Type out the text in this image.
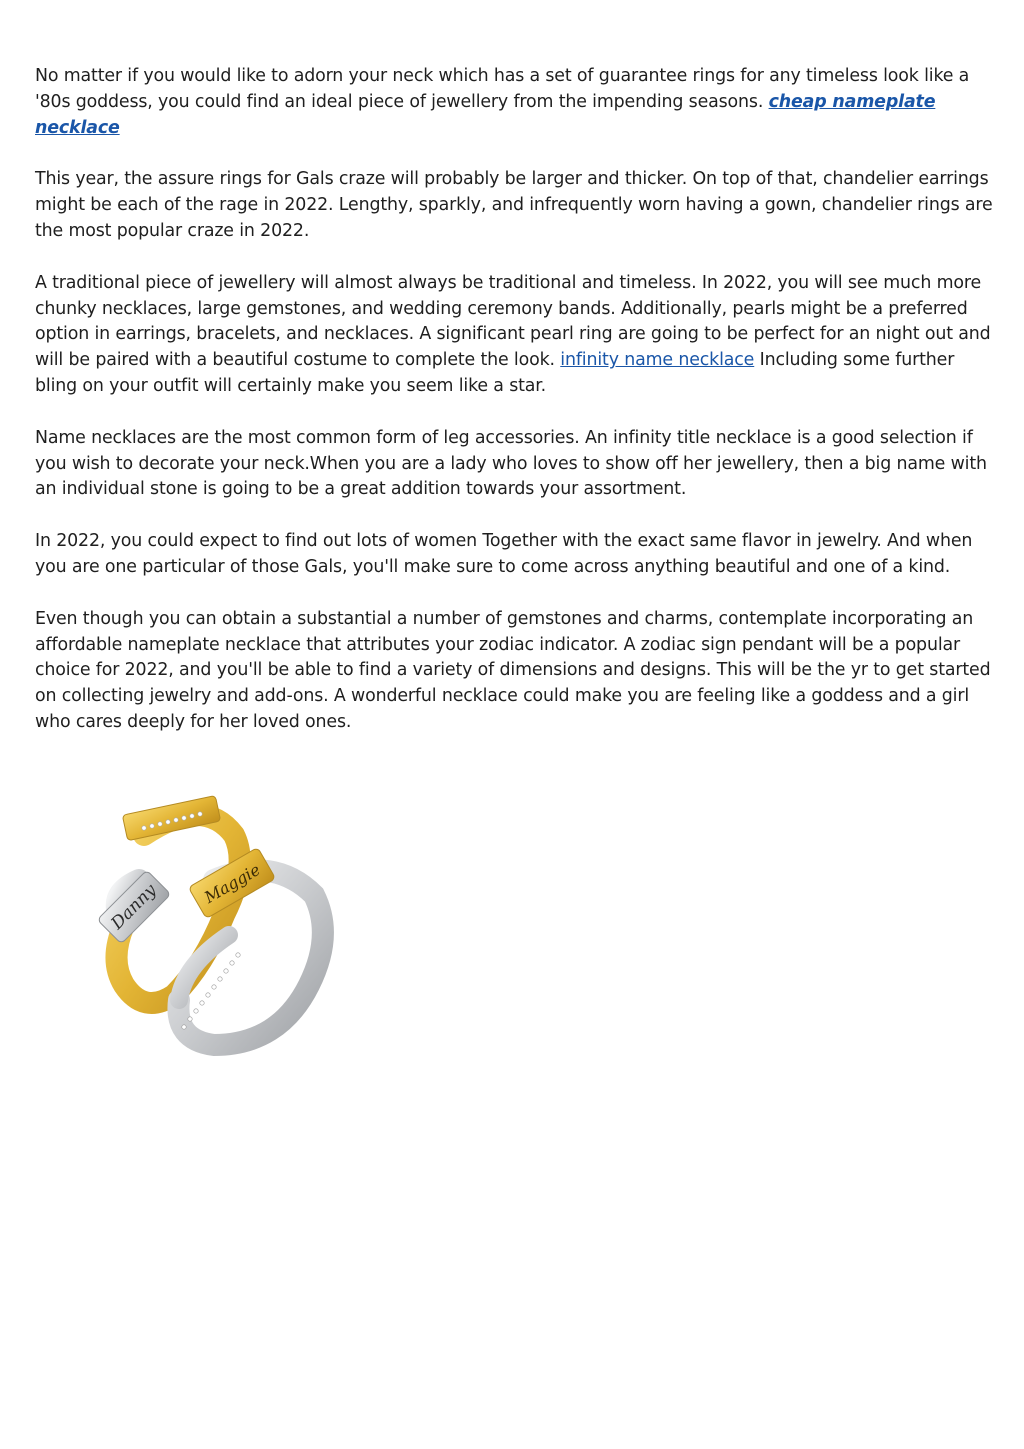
No matter if you would like to adorn your neck which has a set of guarantee rings for any timeless look like a '80s goddess, you could find an ideal piece of jewellery from the impending seasons. cheap nameplate necklace

This year, the assure rings for Gals craze will probably be larger and thicker. On top of that, chandelier earrings might be each of the rage in 2022. Lengthy, sparkly, and infrequently worn having a gown, chandelier rings are the most popular craze in 2022.

A traditional piece of jewellery will almost always be traditional and timeless. In 2022, you will see much more chunky necklaces, large gemstones, and wedding ceremony bands. Additionally, pearls might be a preferred option in earrings, bracelets, and necklaces. A significant pearl ring are going to be perfect for an night out and will be paired with a beautiful costume to complete the look. infinity name necklace Including some further bling on your outfit will certainly make you seem like a star.

Name necklaces are the most common form of leg accessories. An infinity title necklace is a good selection if you wish to decorate your neck.When you are a lady who loves to show off her jewellery, then a big name with an individual stone is going to be a great addition towards your assortment.

In 2022, you could expect to find out lots of women Together with the exact same flavor in jewelry. And when you are one particular of those Gals, you'll make sure to come across anything beautiful and one of a kind.

Even though you can obtain a substantial a number of gemstones and charms, contemplate incorporating an affordable nameplate necklace that attributes your zodiac indicator. A zodiac sign pendant will be a popular choice for 2022, and you'll be able to find a variety of dimensions and designs. This will be the yr to get started on collecting jewelry and add-ons. A wonderful necklace could make you are feeling like a goddess and a girl who cares deeply for her loved ones.

Danny	Maggie
